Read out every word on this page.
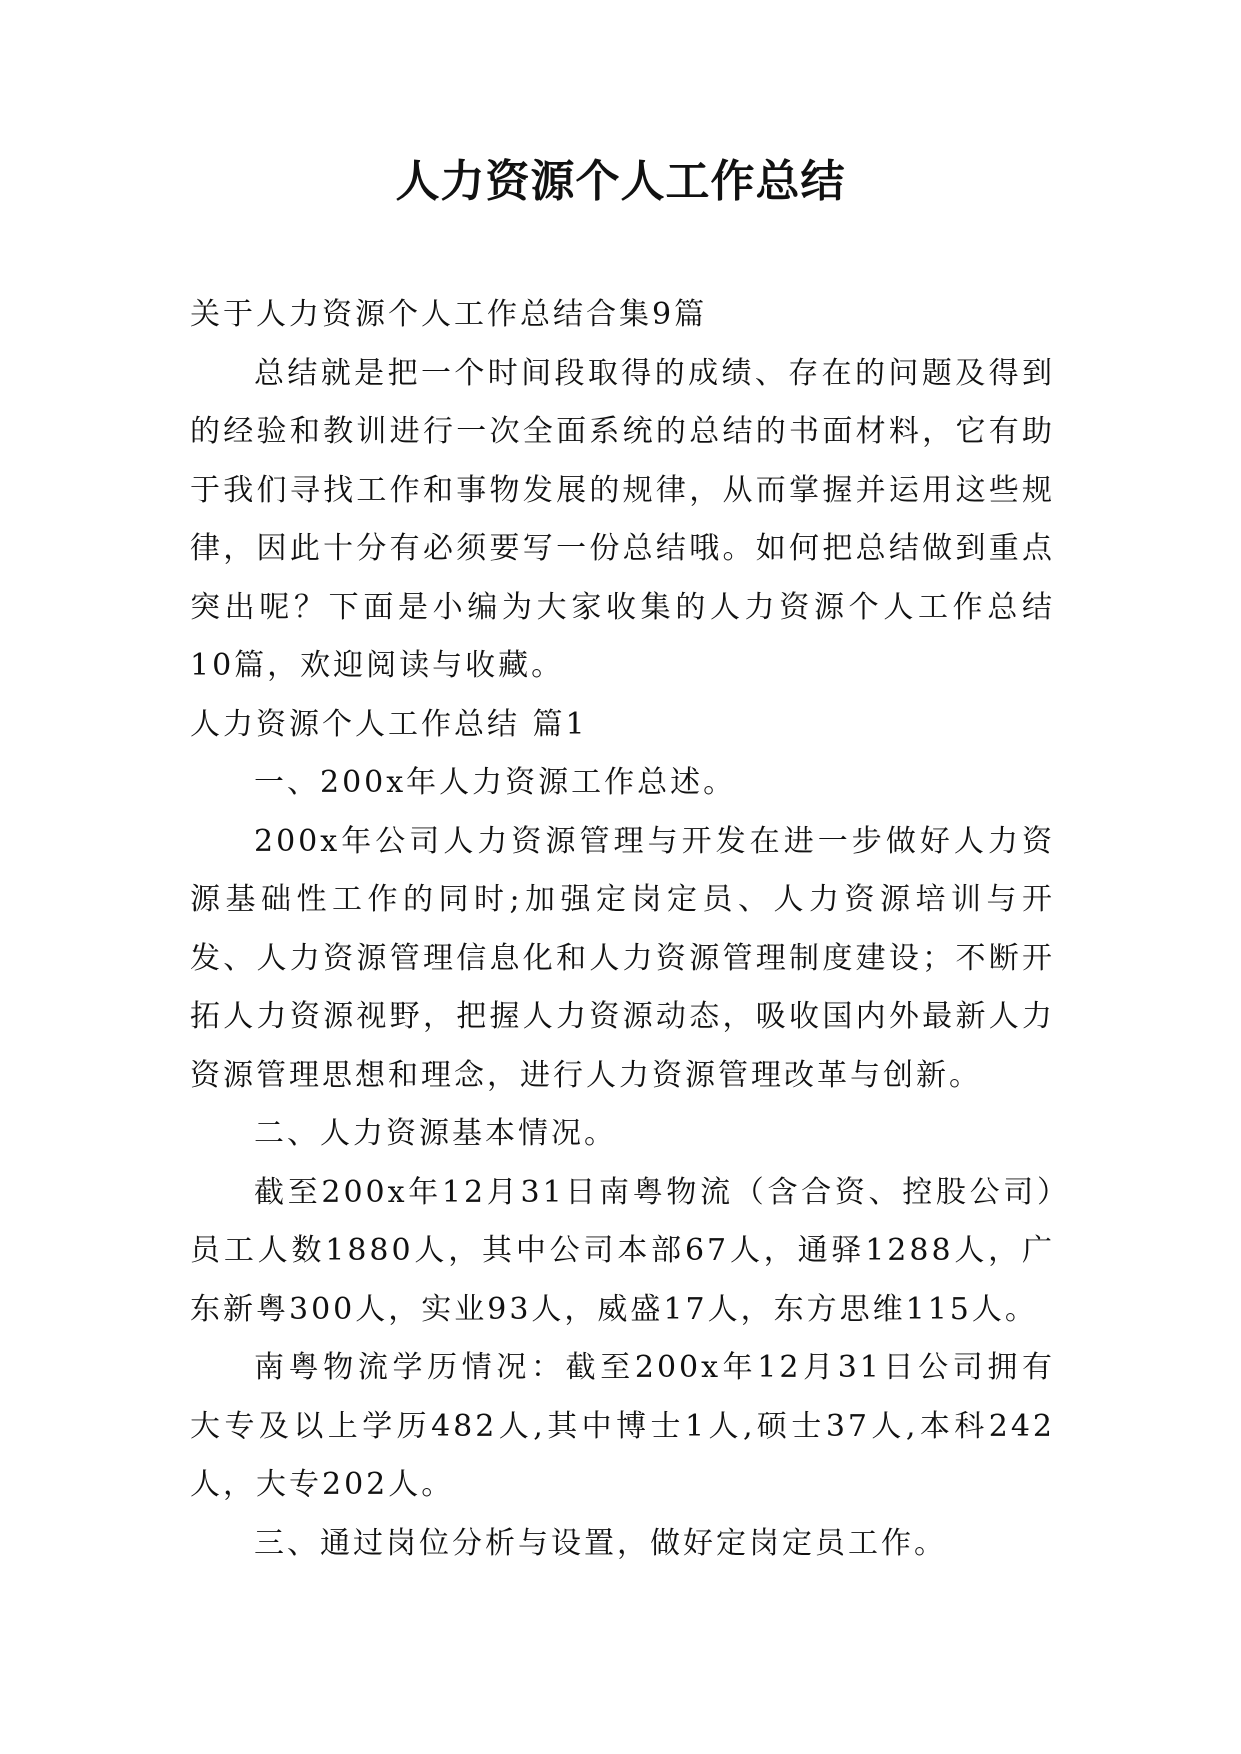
人力资源个人工作总结

关于人力资源个人工作总结合集9篇

总结就是把一个时间段取得的成绩、存在的问题及得到的经验和教训进行一次全面系统的总结的书面材料，它有助于我们寻找工作和事物发展的规律，从而掌握并运用这些规律，因此十分有必须要写一份总结哦。如何把总结做到重点突出呢？下面是小编为大家收集的人力资源个人工作总结10篇，欢迎阅读与收藏。

人力资源个人工作总结 篇1

一、200x年人力资源工作总述。

200x年公司人力资源管理与开发在进一步做好人力资源基础性工作的同时;加强定岗定员、人力资源培训与开发、人力资源管理信息化和人力资源管理制度建设；不断开拓人力资源视野，把握人力资源动态，吸收国内外最新人力资源管理思想和理念，进行人力资源管理改革与创新。

二、人力资源基本情况。

截至200x年12月31日南粤物流（含合资、控股公司）员工人数1880人，其中公司本部67人，通驿1288人，广东新粤300人，实业93人，威盛17人，东方思维115人。

南粤物流学历情况：截至200x年12月31日公司拥有大专及以上学历482人,其中博士1人,硕士37人,本科242人，大专202人。

三、通过岗位分析与设置，做好定岗定员工作。
